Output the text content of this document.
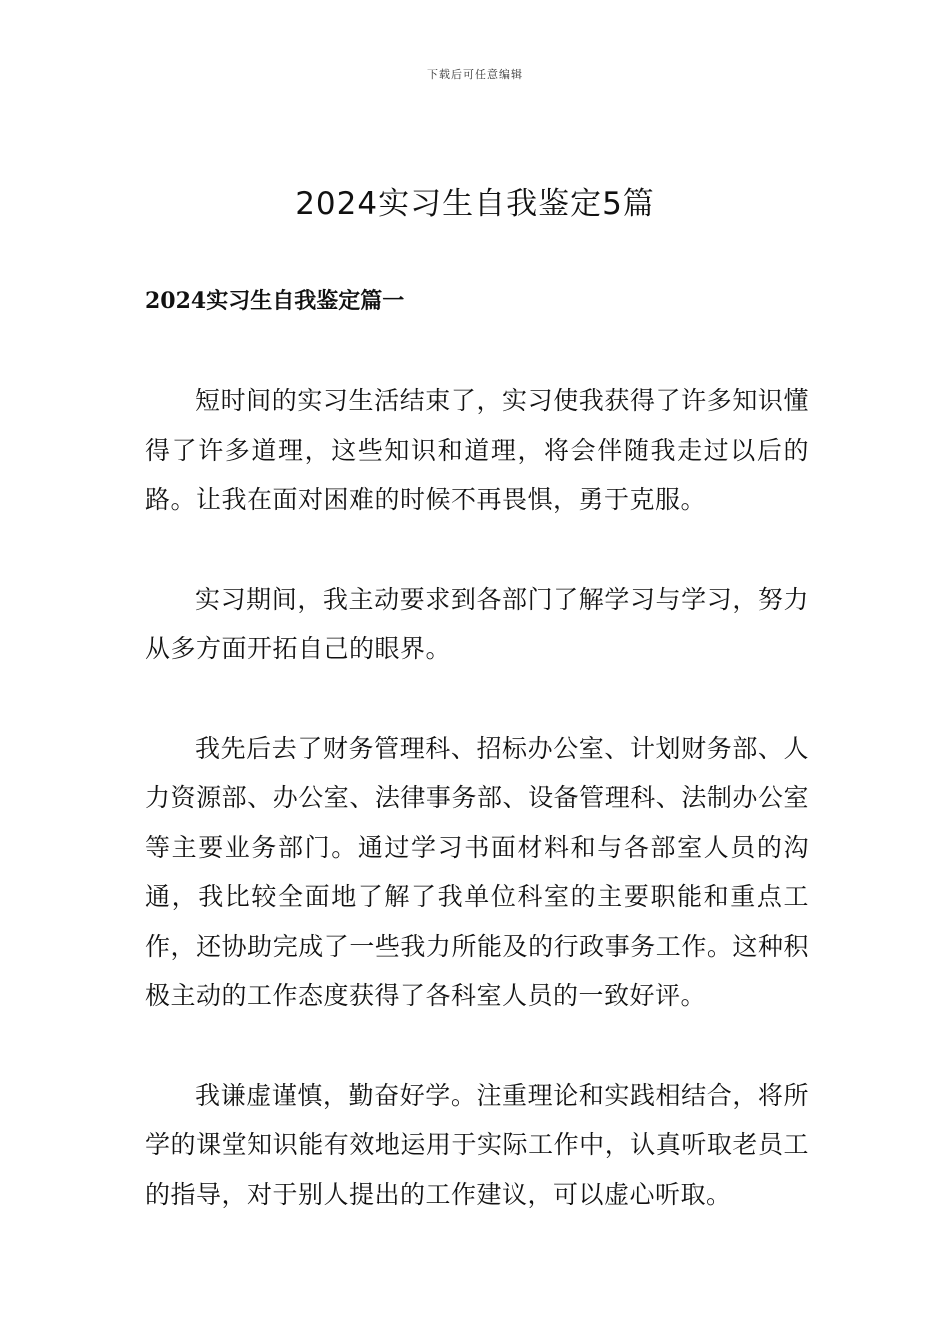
下载后可任意编辑
2024实习生自我鉴定5篇
2024实习生自我鉴定篇一

短时间的实习生活结束了，实习使我获得了许多知识懂得了许多道理，这些知识和道理，将会伴随我走过以后的路。让我在面对困难的时候不再畏惧，勇于克服。

实习期间，我主动要求到各部门了解学习与学习，努力从多方面开拓自己的眼界。

我先后去了财务管理科、招标办公室、计划财务部、人力资源部、办公室、法律事务部、设备管理科、法制办公室等主要业务部门。通过学习书面材料和与各部室人员的沟通，我比较全面地了解了我单位科室的主要职能和重点工作，还协助完成了一些我力所能及的行政事务工作。这种积极主动的工作态度获得了各科室人员的一致好评。

我谦虚谨慎，勤奋好学。注重理论和实践相结合，将所学的课堂知识能有效地运用于实际工作中，认真听取老员工的指导，对于别人提出的工作建议，可以虚心听取。
